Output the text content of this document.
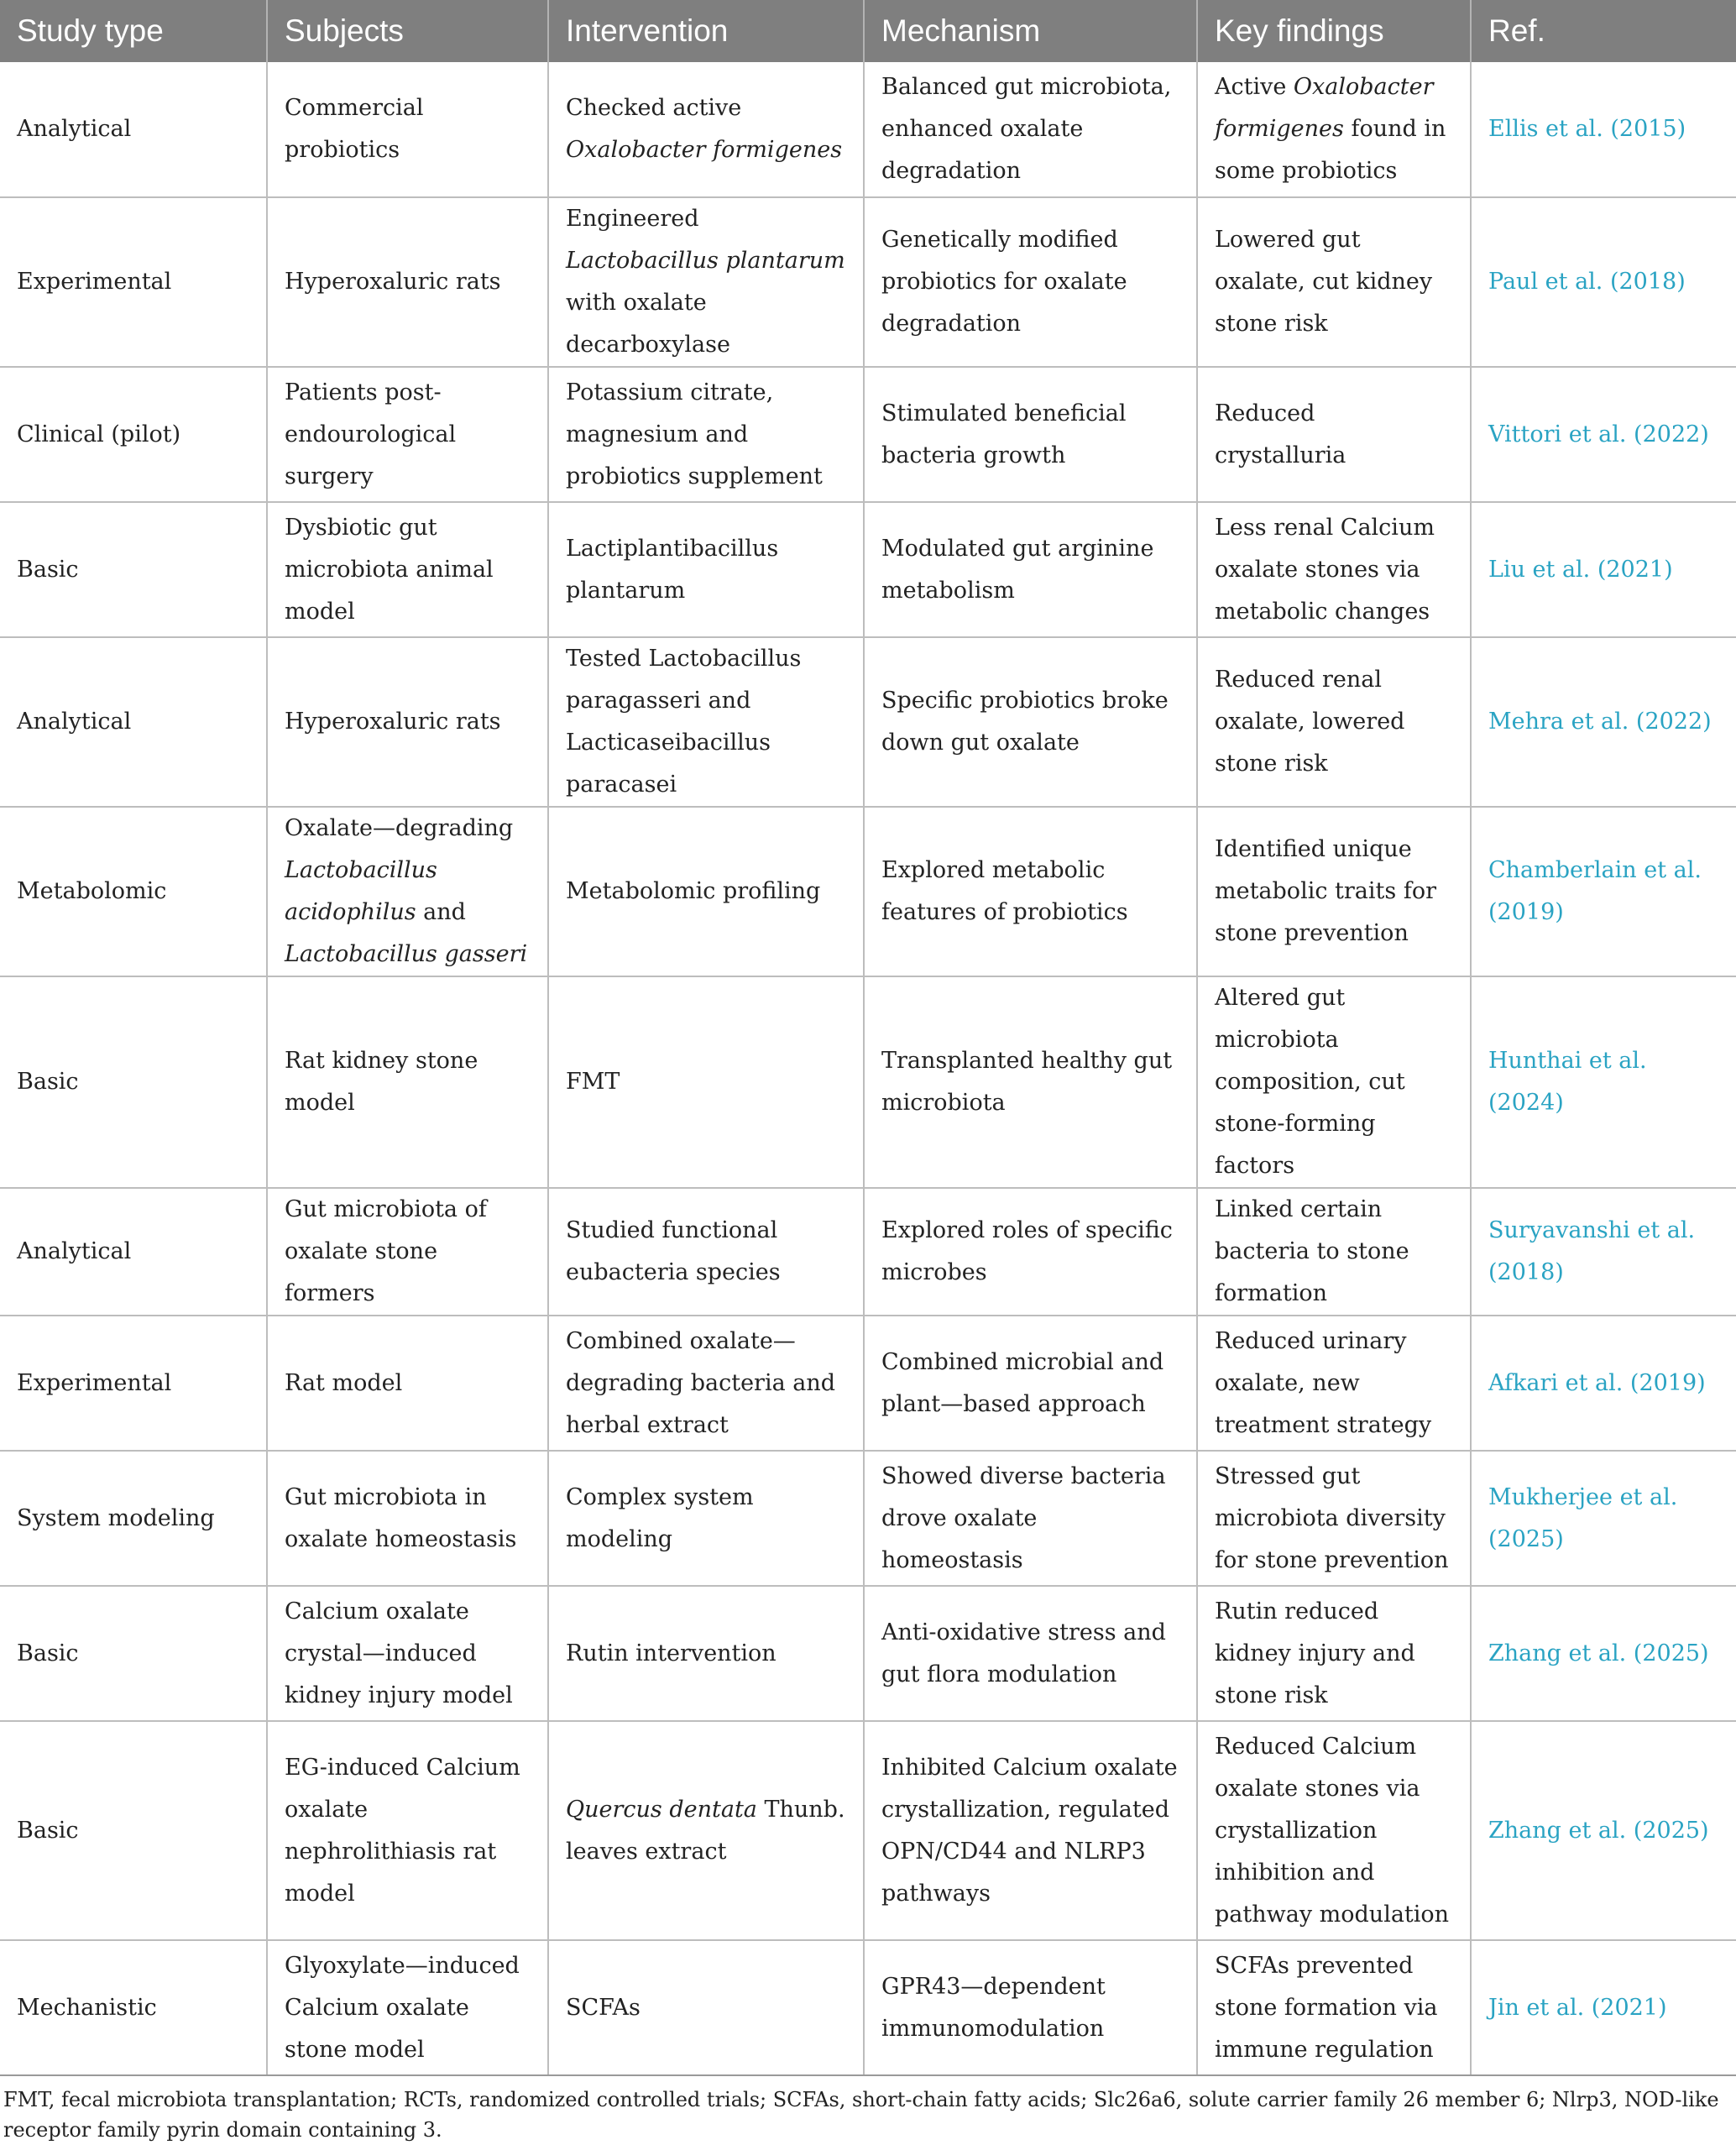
Study type	Subjects	Intervention	Mechanism	Key findings	Ref.
Analytical	Commercial probiotics	Checked active Oxalobacter formigenes	Balanced gut microbiota, enhanced oxalate degradation	Active Oxalobacter formigenes found in some probiotics	Ellis et al. (2015)
Experimental	Hyperoxaluric rats	Engineered Lactobacillus plantarum with oxalate decarboxylase	Genetically modified probiotics for oxalate degradation	Lowered gut oxalate, cut kidney stone risk	Paul et al. (2018)
Clinical (pilot)	Patients post-endourological surgery	Potassium citrate, magnesium and probiotics supplement	Stimulated beneficial bacteria growth	Reduced crystalluria	Vittori et al. (2022)
Basic	Dysbiotic gut microbiota animal model	Lactiplantibacillus plantarum	Modulated gut arginine metabolism	Less renal Calcium oxalate stones via metabolic changes	Liu et al. (2021)
Analytical	Hyperoxaluric rats	Tested Lactobacillus paragasseri and Lacticaseibacillus paracasei	Specific probiotics broke down gut oxalate	Reduced renal oxalate, lowered stone risk	Mehra et al. (2022)
Metabolomic	Oxalate—degrading Lactobacillus acidophilus and Lactobacillus gasseri	Metabolomic profiling	Explored metabolic features of probiotics	Identified unique metabolic traits for stone prevention	Chamberlain et al. (2019)
Basic	Rat kidney stone model	FMT	Transplanted healthy gut microbiota	Altered gut microbiota composition, cut stone-forming factors	Hunthai et al. (2024)
Analytical	Gut microbiota of oxalate stone formers	Studied functional eubacteria species	Explored roles of specific microbes	Linked certain bacteria to stone formation	Suryavanshi et al. (2018)
Experimental	Rat model	Combined oxalate—degrading bacteria and herbal extract	Combined microbial and plant—based approach	Reduced urinary oxalate, new treatment strategy	Afkari et al. (2019)
System modeling	Gut microbiota in oxalate homeostasis	Complex system modeling	Showed diverse bacteria drove oxalate homeostasis	Stressed gut microbiota diversity for stone prevention	Mukherjee et al. (2025)
Basic	Calcium oxalate crystal—induced kidney injury model	Rutin intervention	Anti-oxidative stress and gut flora modulation	Rutin reduced kidney injury and stone risk	Zhang et al. (2025)
Basic	EG-induced Calcium oxalate nephrolithiasis rat model	Quercus dentata Thunb. leaves extract	Inhibited Calcium oxalate crystallization, regulated OPN/CD44 and NLRP3 pathways	Reduced Calcium oxalate stones via crystallization inhibition and pathway modulation	Zhang et al. (2025)
Mechanistic	Glyoxylate—induced Calcium oxalate stone model	SCFAs	GPR43—dependent immunomodulation	SCFAs prevented stone formation via immune regulation	Jin et al. (2021)
FMT, fecal microbiota transplantation; RCTs, randomized controlled trials; SCFAs, short-chain fatty acids; Slc26a6, solute carrier family 26 member 6; Nlrp3, NOD-like receptor family pyrin domain containing 3.
